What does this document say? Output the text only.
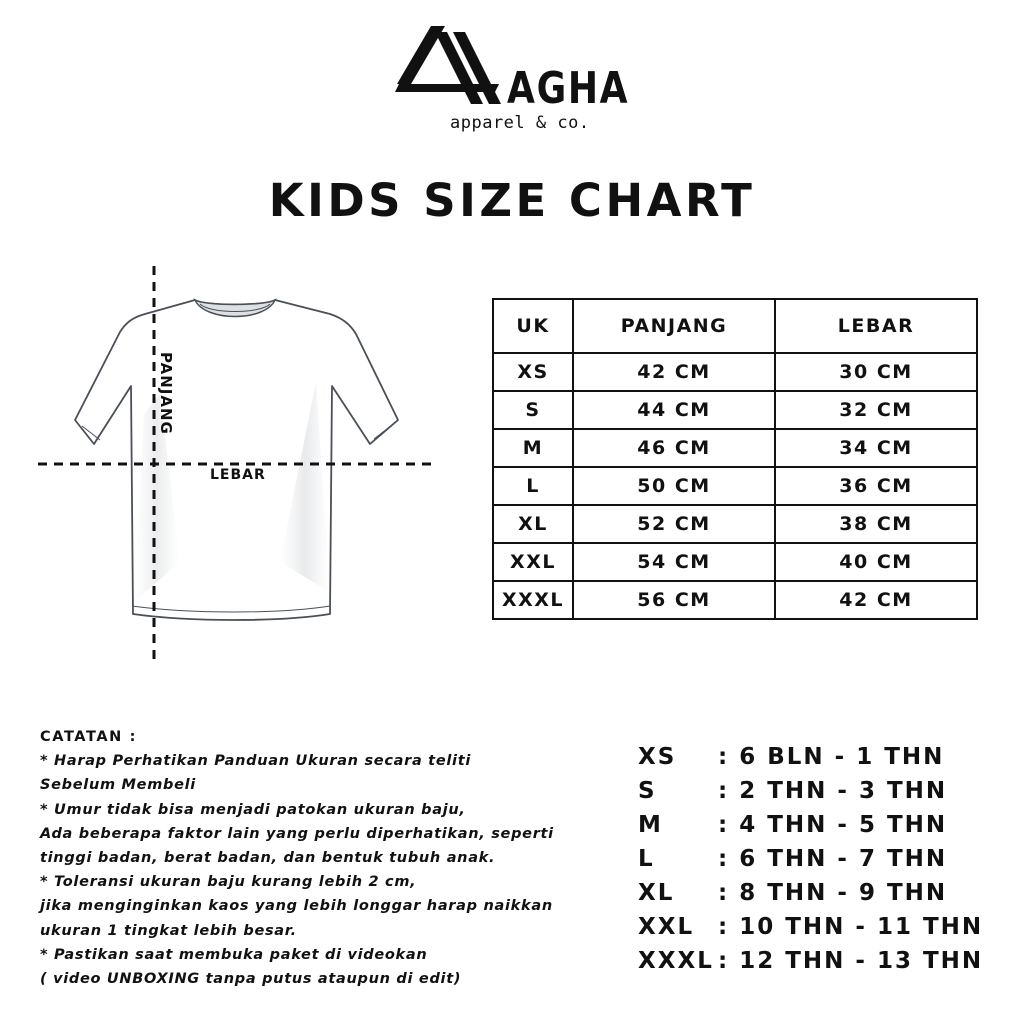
AGHA
apparel & co.
KIDS SIZE CHART
PANJANG
LEBAR
UK	PANJANG	LEBAR
XS	42 CM	30 CM
S	44 CM	32 CM
M	46 CM	34 CM
L	50 CM	36 CM
XL	52 CM	38 CM
XXL	54 CM	40 CM
XXXL	56 CM	42 CM
CATATAN :
* Harap Perhatikan Panduan Ukuran secara teliti
Sebelum Membeli
* Umur tidak bisa menjadi patokan ukuran baju,
Ada beberapa faktor lain yang perlu diperhatikan, seperti
tinggi badan, berat badan, dan bentuk tubuh anak.
* Toleransi ukuran baju kurang lebih 2 cm,
jika menginginkan kaos yang lebih longgar harap naikkan
ukuran 1 tingkat lebih besar.
* Pastikan saat membuka paket di videokan
( video UNBOXING tanpa putus ataupun di edit)
XS : 6 BLN - 1 THN
S	: 2 THN - 3 THN
M : 4 THN - 5 THN
L	: 6 THN - 7 THN
XL : 8 THN - 9 THN
XXL : 10 THN - 11 THN
XXXL : 12 THN - 13 THN
